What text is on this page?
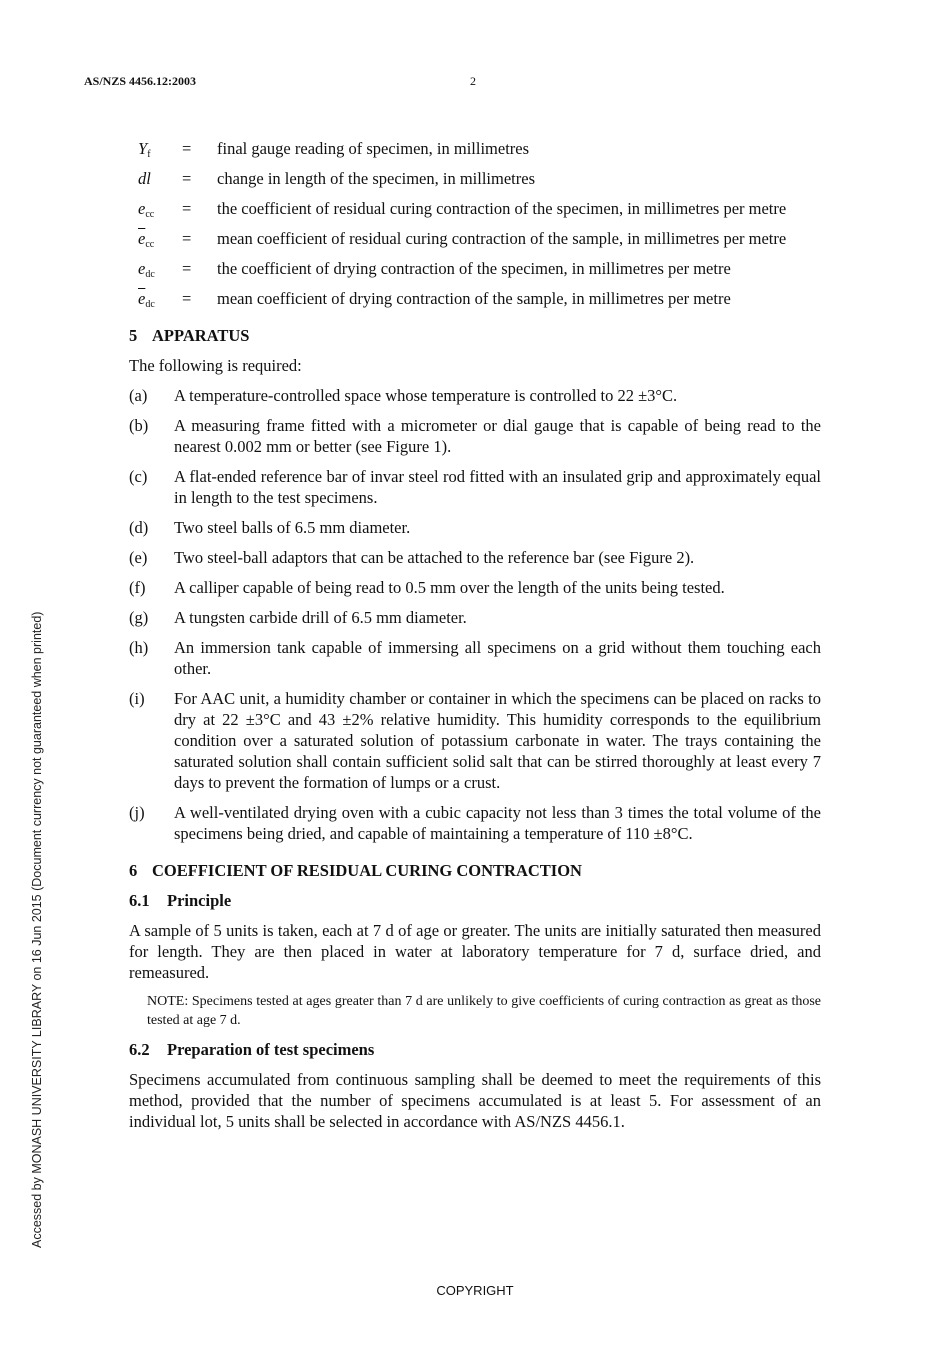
AS/NZS 4456.12:2003	2
Accessed by MONASH UNIVERSITY LIBRARY on 16 Jun 2015 (Document currency not guaranteed when printed)
$Y_f$	=	final gauge reading of specimen, in millimetres
dl	=	change in length of the specimen, in millimetres
$e_{cc}$	=	the coefficient of residual curing contraction of the specimen, in millimetres per metre
$\overline{e}_{cc}$	=	mean coefficient of residual curing contraction of the sample, in millimetres per metre
$e_{dc}$	=	the coefficient of drying contraction of the specimen, in millimetres per metre
$\overline{e}_{dc}$	=	mean coefficient of drying contraction of the sample, in millimetres per metre
5 APPARATUS

The following is required:

(a)	A temperature-controlled space whose temperature is controlled to 22 ±3°C.
(b)	A measuring frame fitted with a micrometer or dial gauge that is capable of being read to the nearest 0.002 mm or better (see Figure 1).
(c)	A flat-ended reference bar of invar steel rod fitted with an insulated grip and approximately equal in length to the test specimens.
(d)	Two steel balls of 6.5 mm diameter.
(e)	Two steel-ball adaptors that can be attached to the reference bar (see Figure 2).
(f)	A calliper capable of being read to 0.5 mm over the length of the units being tested.
(g)	A tungsten carbide drill of 6.5 mm diameter.
(h)	An immersion tank capable of immersing all specimens on a grid without them touching each other.
(i)	For AAC unit, a humidity chamber or container in which the specimens can be placed on racks to dry at 22 ±3°C and 43 ±2% relative humidity. This humidity corresponds to the equilibrium condition over a saturated solution of potassium carbonate in water. The trays containing the saturated solution shall contain sufficient solid salt that can be stirred thoroughly at least every 7 days to prevent the formation of lumps or a crust.
(j)	A well-ventilated drying oven with a cubic capacity not less than 3 times the total volume of the specimens being dried, and capable of maintaining a temperature of 110 ±8°C.
6 COEFFICIENT OF RESIDUAL CURING CONTRACTION
6.1 Principle

A sample of 5 units is taken, each at 7 d of age or greater. The units are initially saturated then measured for length. They are then placed in water at laboratory temperature for 7 d, surface dried, and remeasured.

NOTE: Specimens tested at ages greater than 7 d are unlikely to give coefficients of curing contraction as great as those tested at age 7 d.
6.2 Preparation of test specimens

Specimens accumulated from continuous sampling shall be deemed to meet the requirements of this method, provided that the number of specimens accumulated is at least 5. For assessment of an individual lot, 5 units shall be selected in accordance with AS/NZS 4456.1.

COPYRIGHT
